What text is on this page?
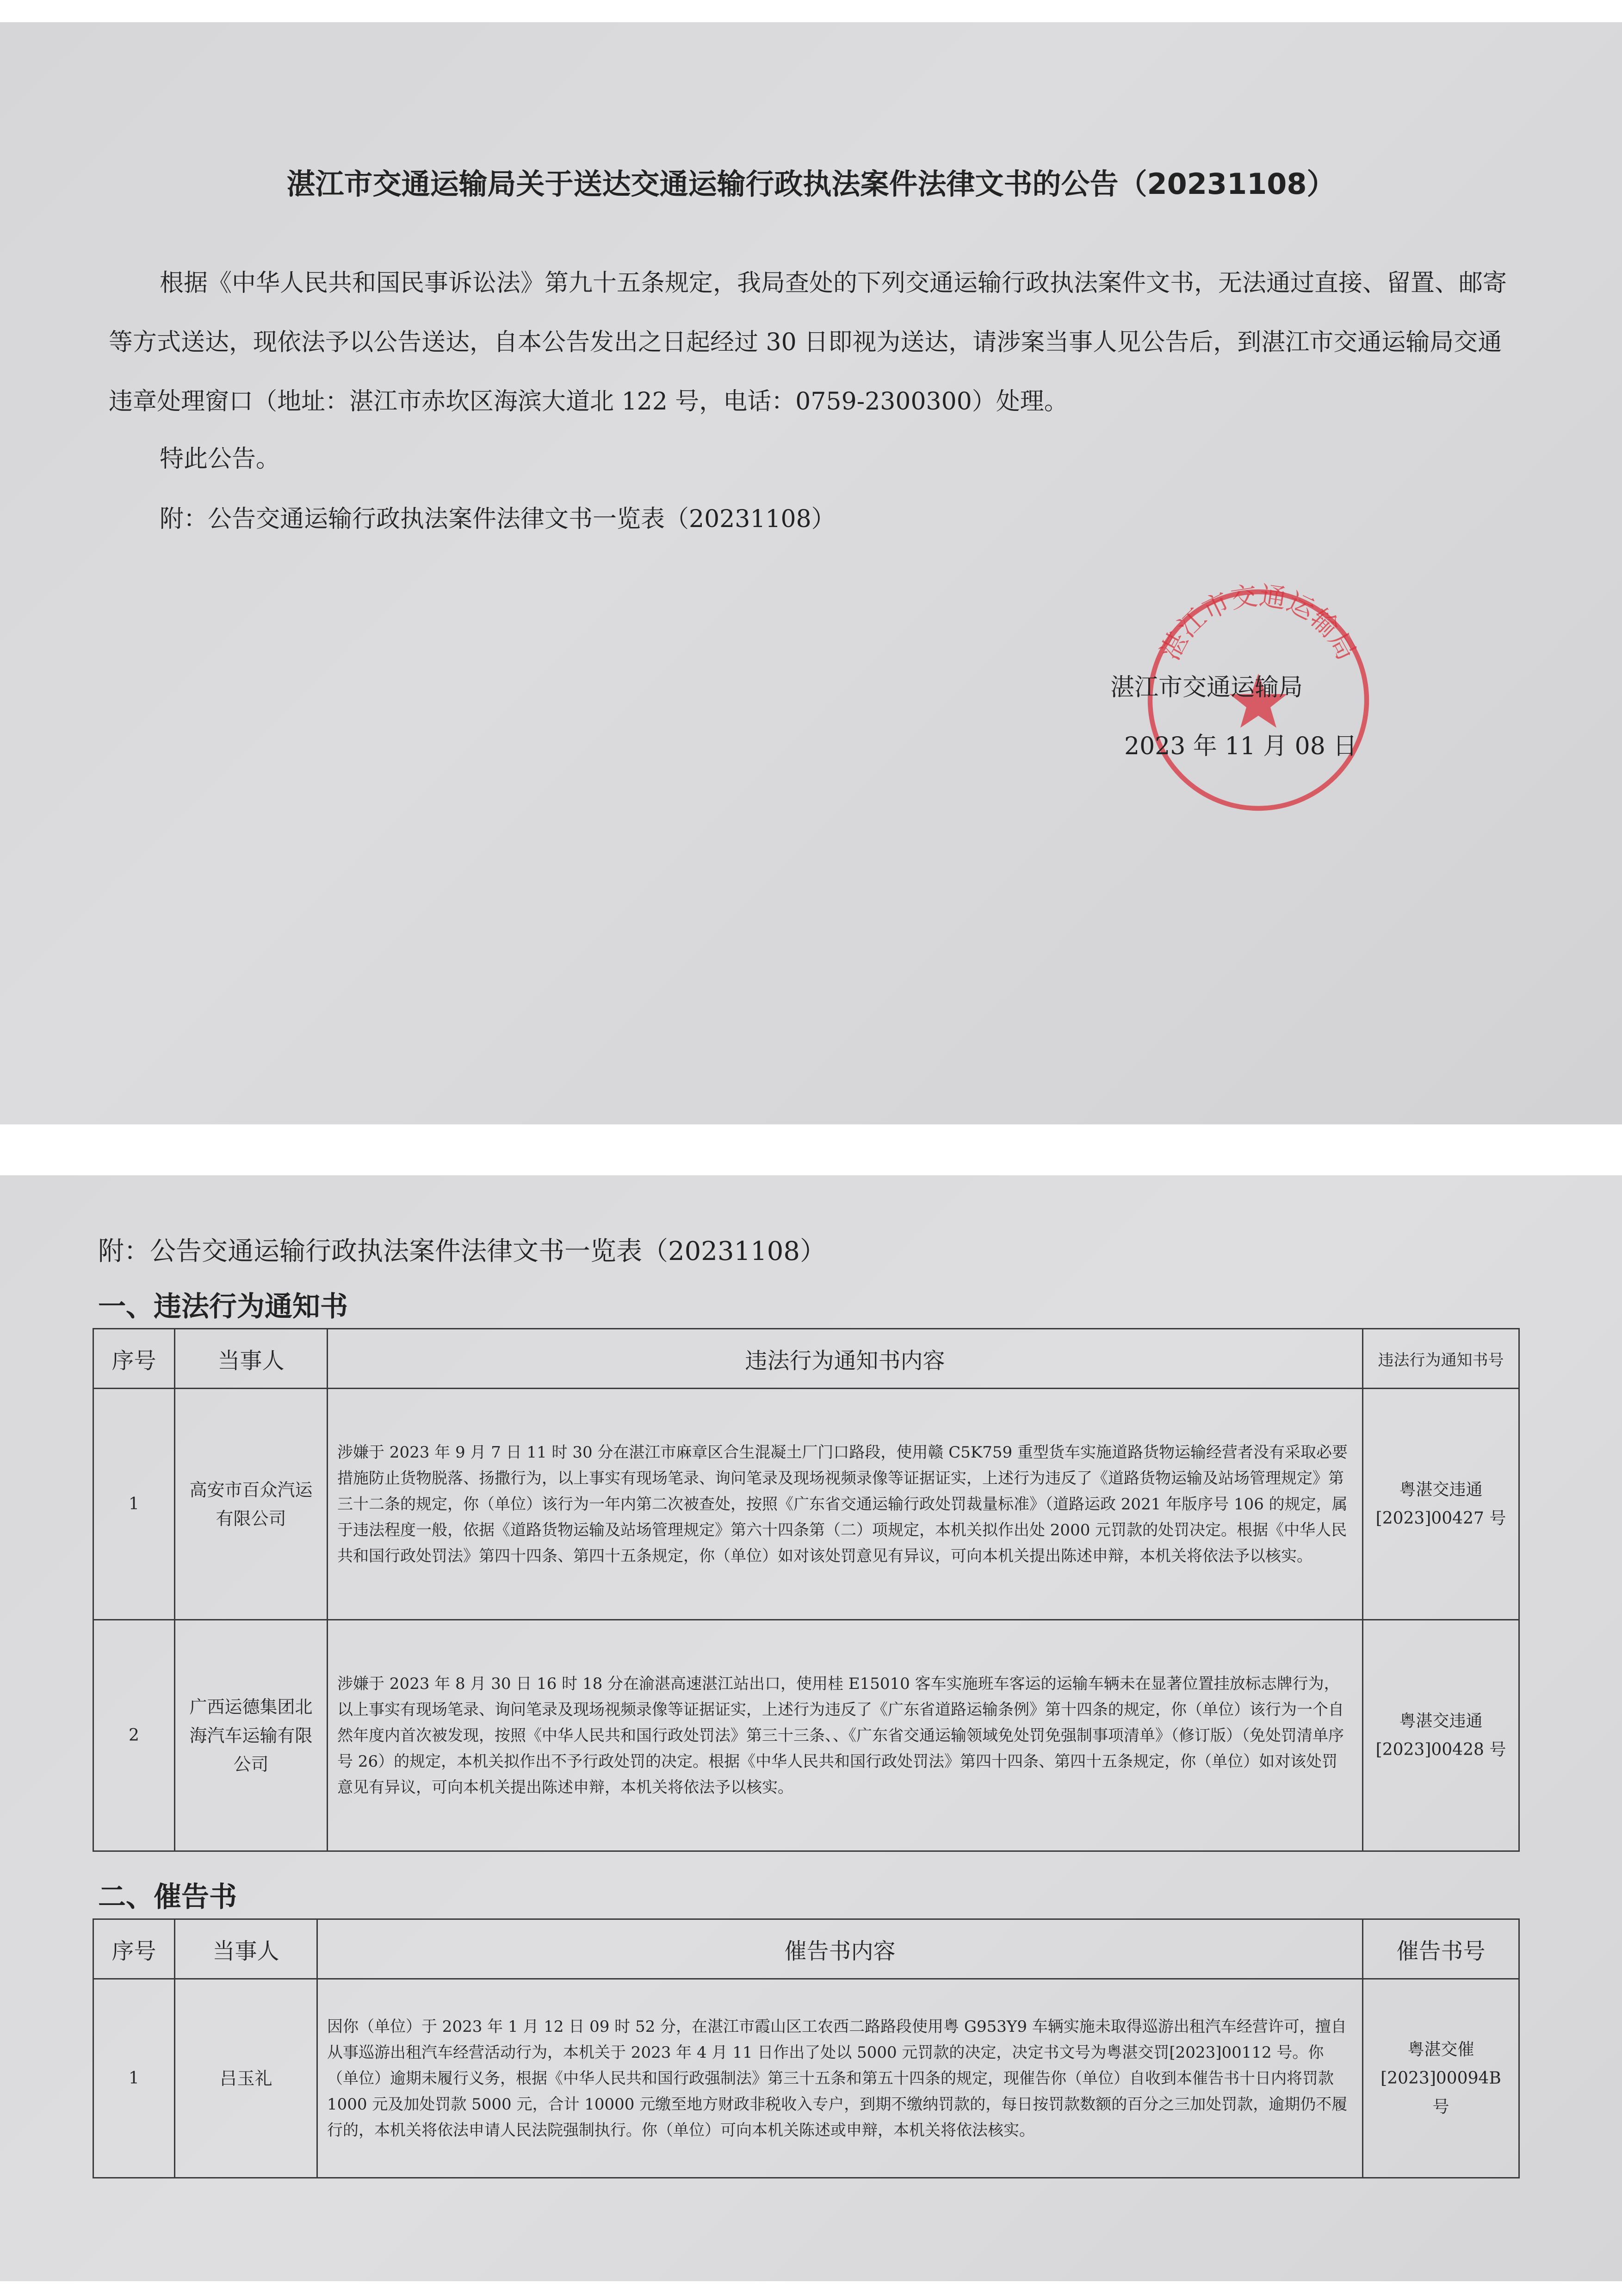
湛江市交通运输局关于送达交通运输行政执法案件法律文书的公告（20231108）
根据《中华人民共和国民事诉讼法》第九十五条规定，我局查处的下列交通运输行政执法案件文书，无法通过直接、留置、邮寄等方式送达，现依法予以公告送达，自本公告发出之日起经过 30 日即视为送达，请涉案当事人见公告后，到湛江市交通运输局交通违章处理窗口（地址：湛江市赤坎区海滨大道北 122 号，电话：0759-2300300）处理。
特此公告。
附：公告交通运输行政执法案件法律文书一览表（20231108）
湛江市交通运输局
湛江市交通运输局
2023 年 11 月 08 日
附：公告交通运输行政执法案件法律文书一览表（20231108）
一、违法行为通知书
序号	当事人	违法行为通知书内容	违法行为通知书号
1	高安市百众汽运有限公司	涉嫌于 2023 年 9 月 7 日 11 时 30 分在湛江市麻章区合生混凝土厂门口路段，使用赣 C5K759 重型货车实施道路货物运输经营者没有采取必要措施防止货物脱落、扬撒行为，以上事实有现场笔录、询问笔录及现场视频录像等证据证实，上述行为违反了《道路货物运输及站场管理规定》第三十二条的规定，你（单位）该行为一年内第二次被查处，按照《广东省交通运输行政处罚裁量标准》（道路运政 2021 年版序号 106 的规定，属于违法程度一般，依据《道路货物运输及站场管理规定》第六十四条第（二）项规定，本机关拟作出处 2000 元罚款的处罚决定。根据《中华人民共和国行政处罚法》第四十四条、第四十五条规定，你（单位）如对该处罚意见有异议，可向本机关提出陈述申辩，本机关将依法予以核实。	粤湛交违通[2023]00427 号
2	广西运德集团北海汽车运输有限公司	涉嫌于 2023 年 8 月 30 日 16 时 18 分在渝湛高速湛江站出口，使用桂 E15010 客车实施班车客运的运输车辆未在显著位置挂放标志牌行为，以上事实有现场笔录、询问笔录及现场视频录像等证据证实，上述行为违反了《广东省道路运输条例》第十四条的规定，你（单位）该行为一个自然年度内首次被发现，按照《中华人民共和国行政处罚法》第三十三条、、《广东省交通运输领域免处罚免强制事项清单》（修订版）（免处罚清单序号 26）的规定，本机关拟作出不予行政处罚的决定。根据《中华人民共和国行政处罚法》第四十四条、第四十五条规定，你（单位）如对该处罚意见有异议，可向本机关提出陈述申辩，本机关将依法予以核实。	粤湛交违通[2023]00428 号
二、催告书
序号	当事人	催告书内容	催告书号
1	吕玉礼	因你（单位）于 2023 年 1 月 12 日 09 时 52 分，在湛江市霞山区工农西二路路段使用粤 G953Y9 车辆实施未取得巡游出租汽车经营许可，擅自从事巡游出租汽车经营活动行为，本机关于 2023 年 4 月 11 日作出了处以 5000 元罚款的决定，决定书文号为粤湛交罚[2023]00112 号。你（单位）逾期未履行义务，根据《中华人民共和国行政强制法》第三十五条和第五十四条的规定，现催告你（单位）自收到本催告书十日内将罚款 1000 元及加处罚款 5000 元，合计 10000 元缴至地方财政非税收入专户，到期不缴纳罚款的，每日按罚款数额的百分之三加处罚款，逾期仍不履行的，本机关将依法申请人民法院强制执行。你（单位）可向本机关陈述或申辩，本机关将依法核实。	粤湛交催[2023]00094B 号
